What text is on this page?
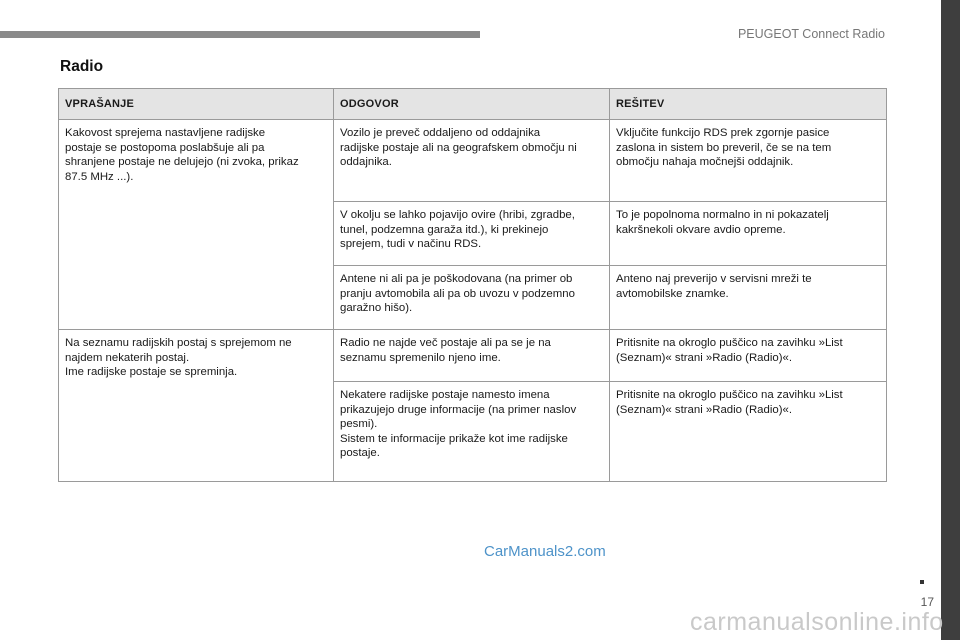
PEUGEOT Connect Radio
17
Radio
VPRAŠANJE	ODGOVOR	REŠITEV

Kakovost sprejema nastavljene radijske
postaje se postopoma poslabšuje ali pa
shranjene postaje ne delujejo (ni zvoka, prikaz
87.5 MHz ...).	Vozilo je preveč oddaljeno od oddajnika
radijske postaje ali na geografskem območju ni
oddajnika.	Vključite funkcijo RDS prek zgornje pasice
zaslona in sistem bo preveril, če se na tem
območju nahaja močnejši oddajnik.

	V okolju se lahko pojavijo ovire (hribi, zgradbe,
tunel, podzemna garaža itd.), ki prekinejo
sprejem, tudi v načinu RDS.	To je popolnoma normalno in ni pokazatelj
kakršnekoli okvare avdio opreme.

	Antene ni ali pa je poškodovana (na primer ob
pranju avtomobila ali pa ob uvozu v podzemno
garažno hišo).	Anteno naj preverijo v servisni mreži te
avtomobilske znamke.

Na seznamu radijskih postaj s sprejemom ne
najdem nekaterih postaj.
Ime radijske postaje se spreminja.	Radio ne najde več postaje ali pa se je na
seznamu spremenilo njeno ime.	Pritisnite na okroglo puščico na zavihku »List
(Seznam)« strani »Radio (Radio)«.

	Nekatere radijske postaje namesto imena
prikazujejo druge informacije (na primer naslov
pesmi).
Sistem te informacije prikaže kot ime radijske
postaje.	Pritisnite na okroglo puščico na zavihku »List
(Seznam)« strani »Radio (Radio)«.
CarManuals2.com
carmanualsonline.info
